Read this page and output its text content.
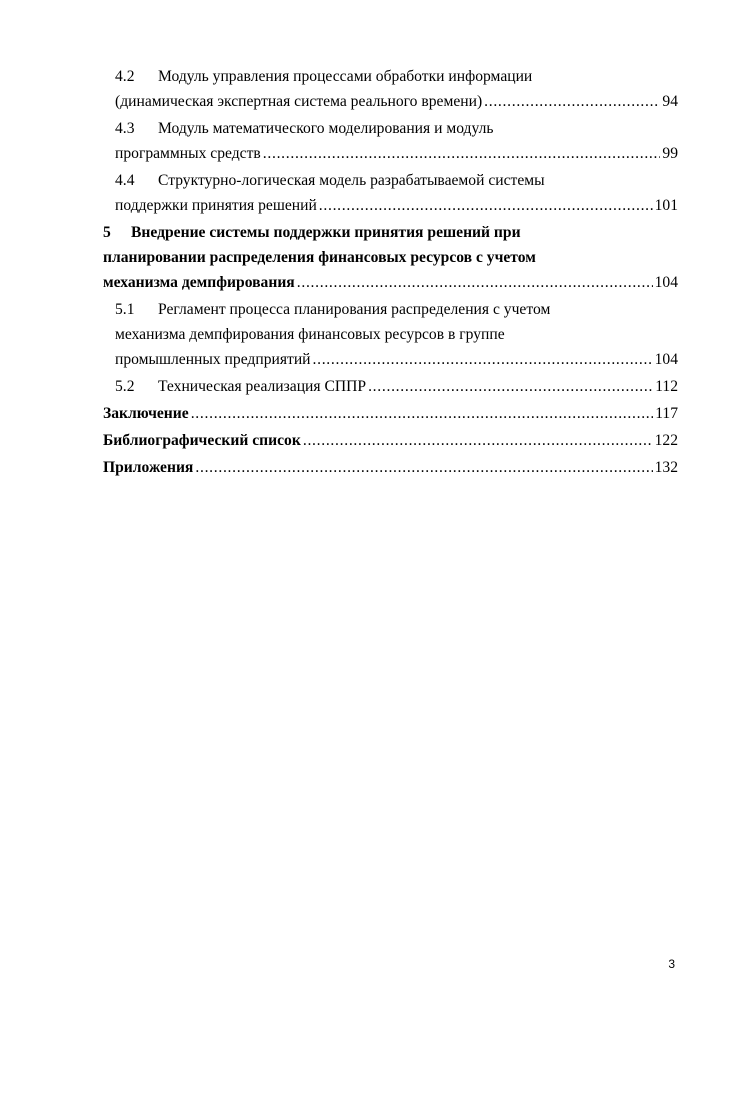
4.2 Модуль управления процессами обработки информации
(динамическая экспертная система реального времени) . . .	94
4.3 Модуль математического моделирования и модуль
программных средств . . .	99
4.4 Структурно-логическая модель разрабатываемой системы
поддержки принятия решений . . .	101
5 Внедрение системы поддержки принятия решений при
планировании распределения финансовых ресурсов с учетом
механизма демпфирования . . .	104
5.1 Регламент процесса планирования распределения с учетом
механизма демпфирования финансовых ресурсов в группе
промышленных предприятий . . .	104
5.2 Техническая реализация СППР . . .	112
Заключение . . .	117
Библиографический список . . .	122
Приложения . . .	132
3
